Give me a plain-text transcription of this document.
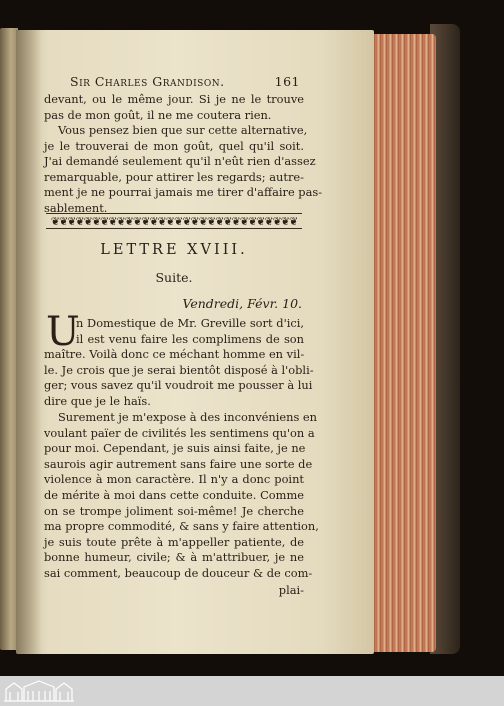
Sir Charles Grandison.	161
devant, ou le même jour. Si je ne le trouve
pas de mon goût, il ne me coutera rien.
Vous pensez bien que sur cette alternative,
je le trouverai de mon goût, quel qu'il soit.
J'ai demandé seulement qu'il n'eût rien d'assez
remarquable, pour attirer les regards; autre-
ment je ne pourrai jamais me tirer d'affaire pas-
sablement.
❦❦❦❦❦❦❦❦❦❦❦❦❦❦❦❦❦❦❦❦❦❦❦❦❦❦❦❦❦❦
LETTRE XVIII.
Suite.
Vendredi, Févr. 10.
U
n Domestique de Mr. Greville sort d'ici,
il est venu faire les complimens de son
maître. Voilà donc ce méchant homme en vil-
le. Je crois que je serai bientôt disposé à l'obli-
ger; vous savez qu'il voudroit me pousser à lui
dire que je le haïs.
Surement je m'expose à des inconvéniens en
voulant païer de civilités les sentimens qu'on a
pour moi. Cependant, je suis ainsi faite, je ne
saurois agir autrement sans faire une sorte de
violence à mon caractère. Il n'y a donc point
de mérite à moi dans cette conduite. Comme
on se trompe joliment soi-même! Je cherche
ma propre commodité, & sans y faire attention,
je suis toute prête à m'appeller patiente, de
bonne humeur, civile; & à m'attribuer, je ne
sai comment, beaucoup de douceur & de com-
plai-
